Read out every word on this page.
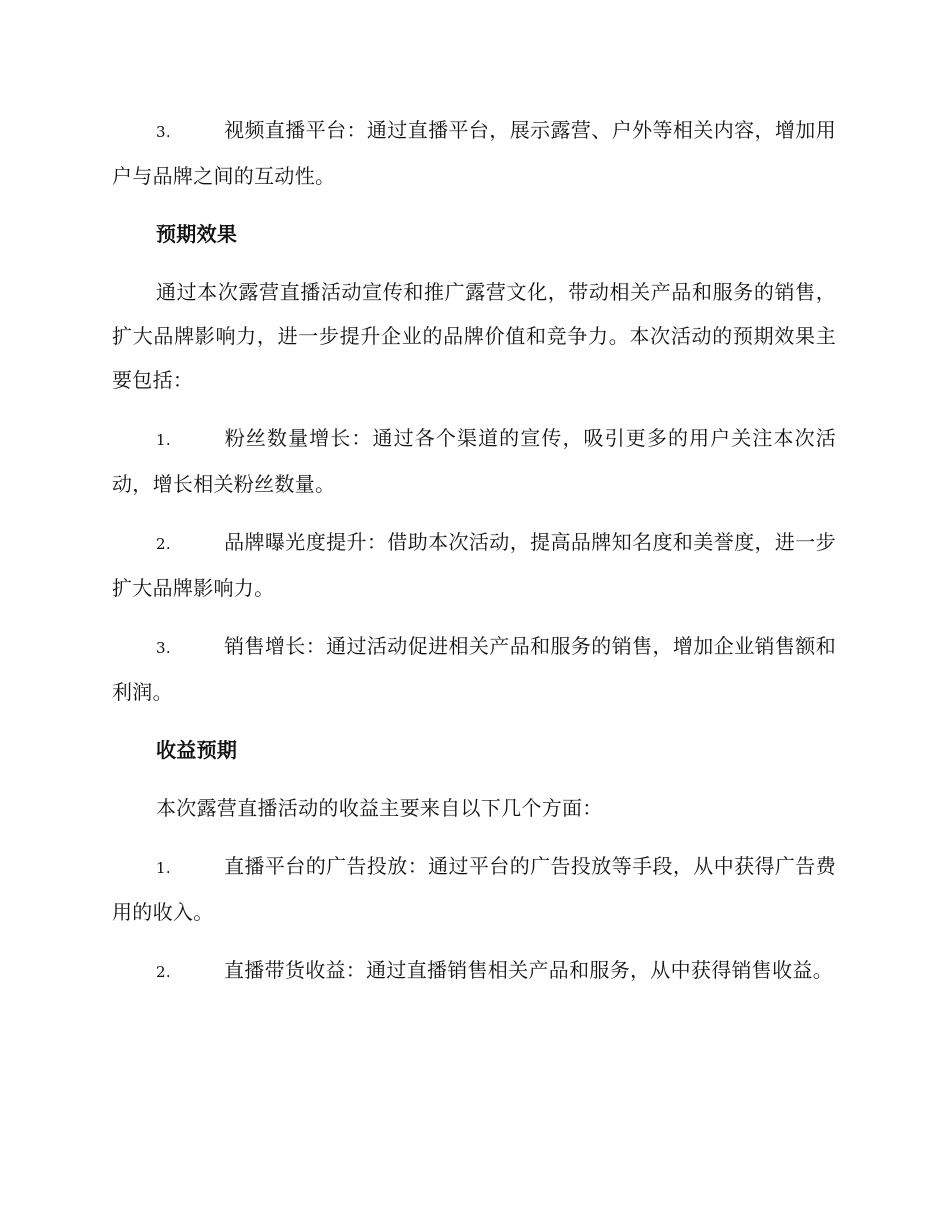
3.	视频直播平台：通过直播平台，展示露营、户外等相关内容，增加用户与品牌之间的互动性。

预期效果

通过本次露营直播活动宣传和推广露营文化，带动相关产品和服务的销售，扩大品牌影响力，进一步提升企业的品牌价值和竞争力。本次活动的预期效果主要包括：

1.	粉丝数量增长：通过各个渠道的宣传，吸引更多的用户关注本次活动，增长相关粉丝数量。

2.	品牌曝光度提升：借助本次活动，提高品牌知名度和美誉度，进一步扩大品牌影响力。

3.	销售增长：通过活动促进相关产品和服务的销售，增加企业销售额和利润。

收益预期

本次露营直播活动的收益主要来自以下几个方面：

1.	直播平台的广告投放：通过平台的广告投放等手段，从中获得广告费用的收入。

2.	直播带货收益：通过直播销售相关产品和服务，从中获得销售收益。
